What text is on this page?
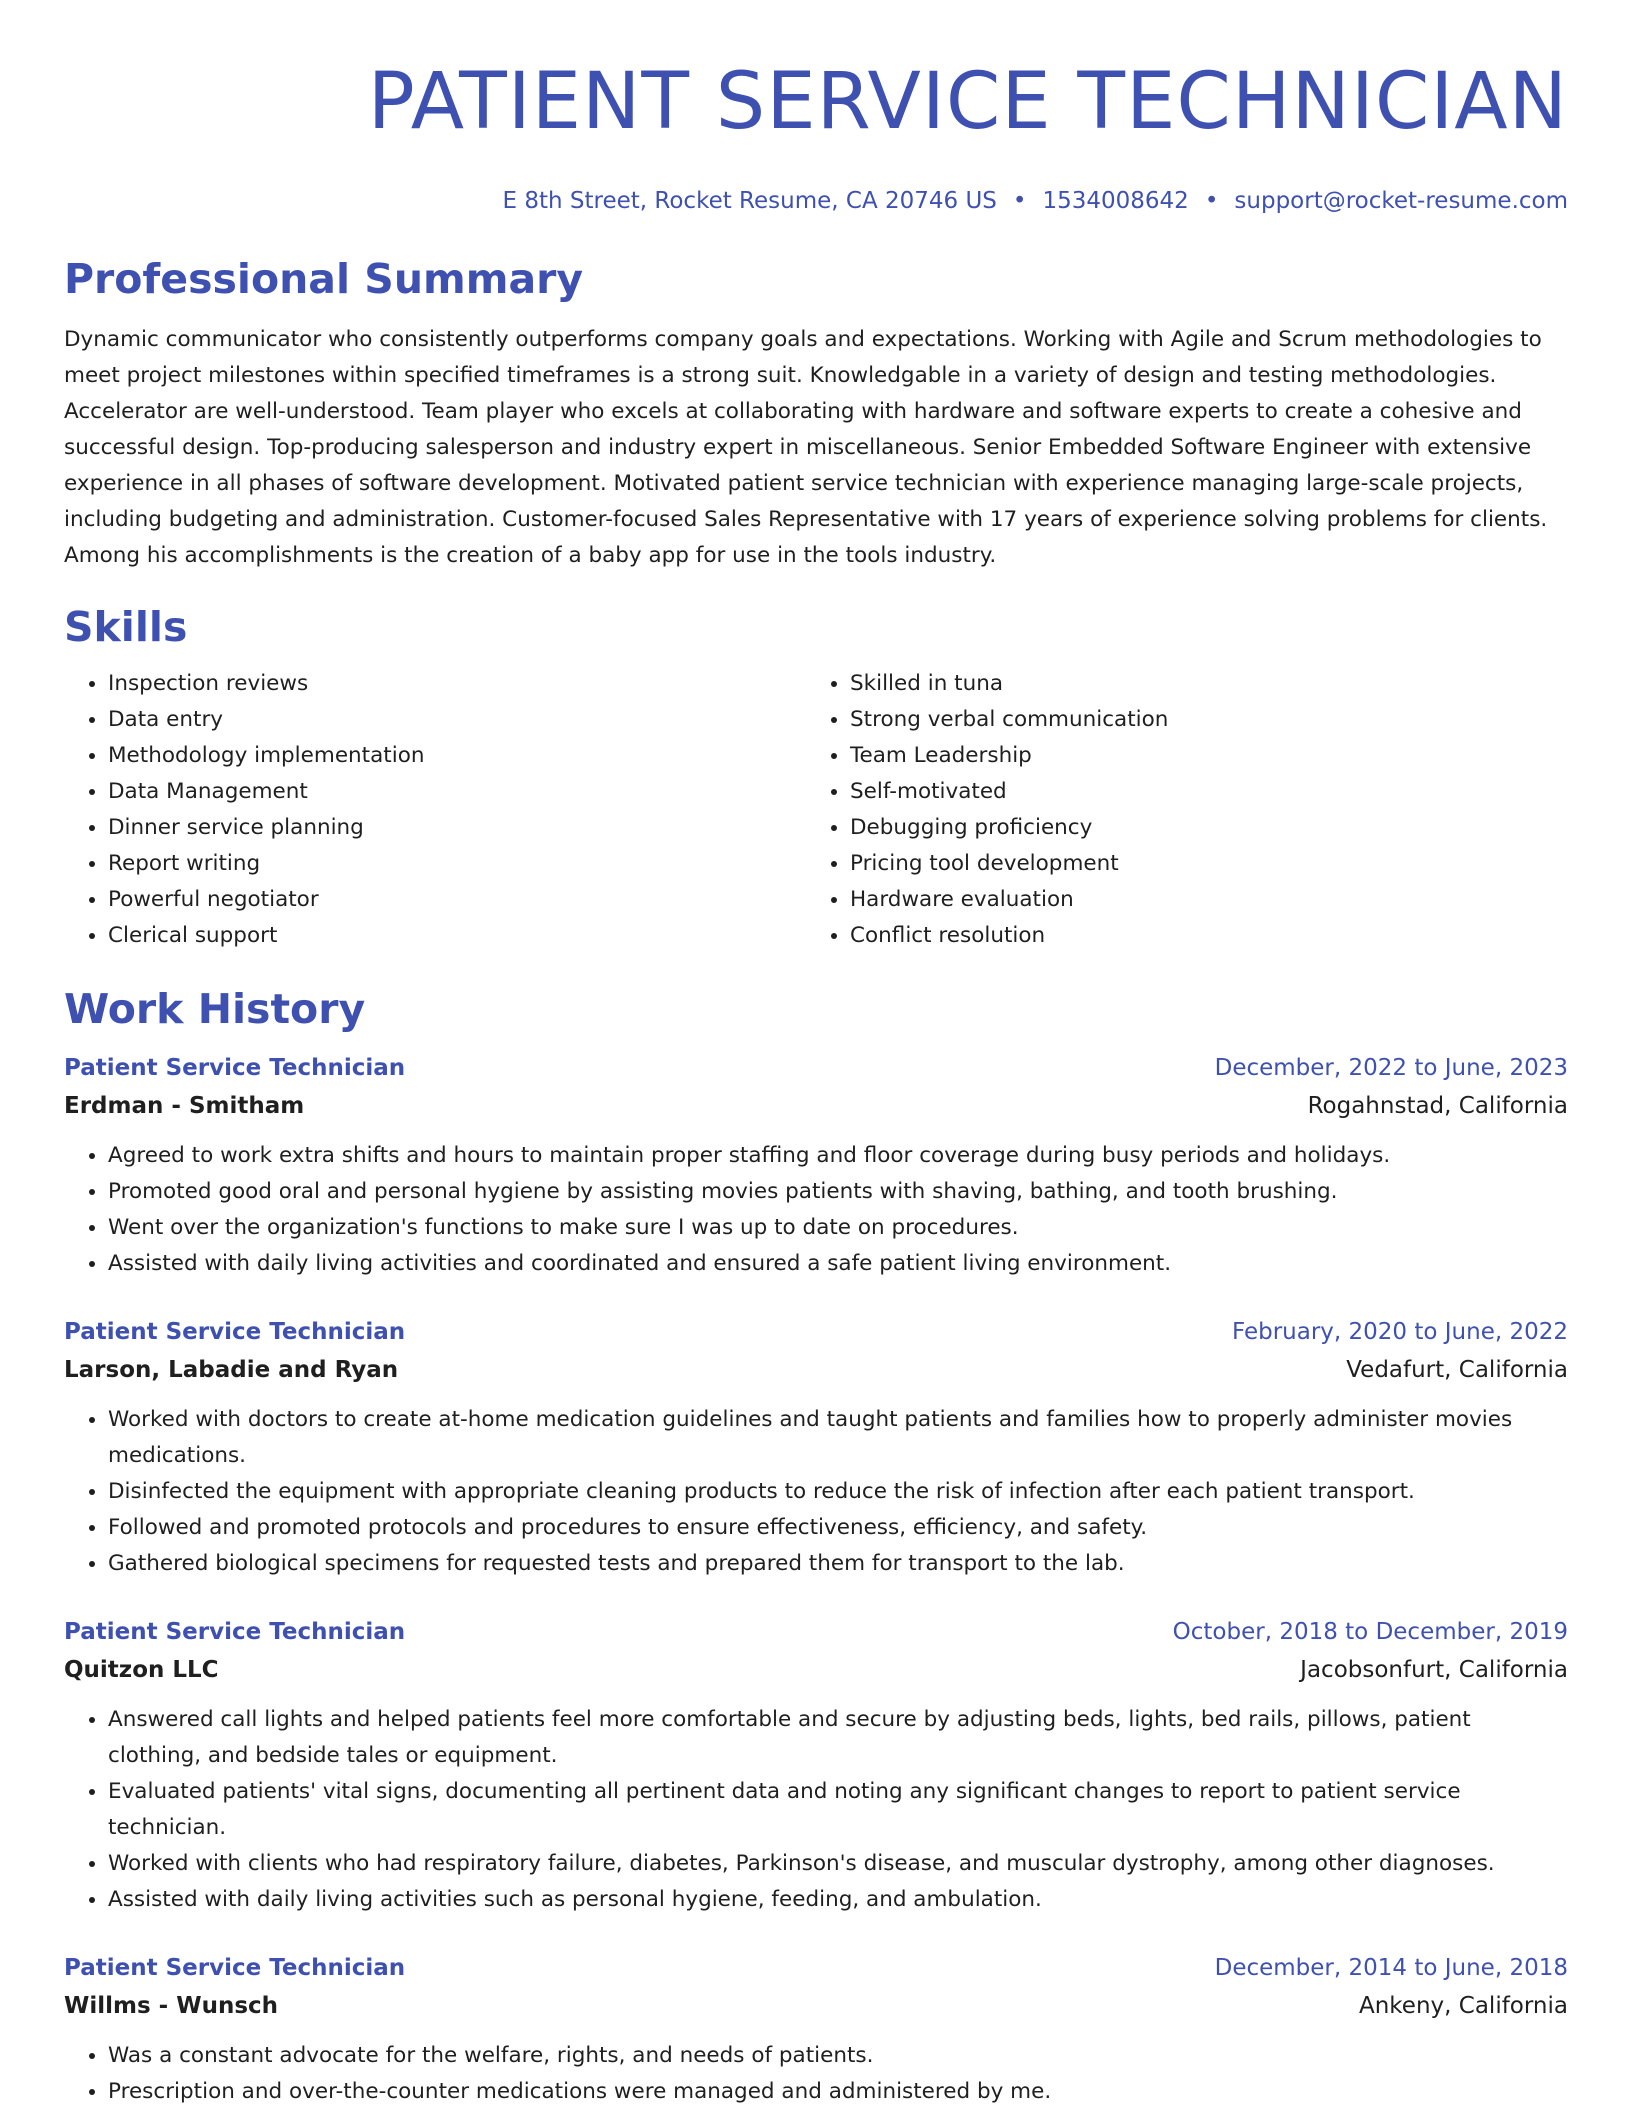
PATIENT SERVICE TECHNICIAN
E 8th Street, Rocket Resume, CA 20746 US • 1534008642 • support@rocket-resume.com
Professional Summary
Dynamic communicator who consistently outperforms company goals and expectations. Working with Agile and Scrum methodologies to meet project milestones within specified timeframes is a strong suit. Knowledgable in a variety of design and testing methodologies. Accelerator are well-understood. Team player who excels at collaborating with hardware and software experts to create a cohesive and successful design. Top-producing salesperson and industry expert in miscellaneous. Senior Embedded Software Engineer with extensive experience in all phases of software development. Motivated patient service technician with experience managing large-scale projects, including budgeting and administration. Customer-focused Sales Representative with 17 years of experience solving problems for clients. Among his accomplishments is the creation of a baby app for use in the tools industry.
Skills
• Inspection reviews
• Data entry
• Methodology implementation
• Data Management
• Dinner service planning
• Report writing
• Powerful negotiator
• Clerical support
• Skilled in tuna
• Strong verbal communication
• Team Leadership
• Self-motivated
• Debugging proficiency
• Pricing tool development
• Hardware evaluation
• Conflict resolution
Work History
Patient Service Technician	December, 2022 to June, 2023
Erdman - Smitham	Rogahnstad, California
• Agreed to work extra shifts and hours to maintain proper staffing and floor coverage during busy periods and holidays.
• Promoted good oral and personal hygiene by assisting movies patients with shaving, bathing, and tooth brushing.
• Went over the organization's functions to make sure I was up to date on procedures.
• Assisted with daily living activities and coordinated and ensured a safe patient living environment.
Patient Service Technician	February, 2020 to June, 2022
Larson, Labadie and Ryan	Vedafurt, California
• Worked with doctors to create at-home medication guidelines and taught patients and families how to properly administer movies medications.
• Disinfected the equipment with appropriate cleaning products to reduce the risk of infection after each patient transport.
• Followed and promoted protocols and procedures to ensure effectiveness, efficiency, and safety.
• Gathered biological specimens for requested tests and prepared them for transport to the lab.
Patient Service Technician	October, 2018 to December, 2019
Quitzon LLC	Jacobsonfurt, California
• Answered call lights and helped patients feel more comfortable and secure by adjusting beds, lights, bed rails, pillows, patient clothing, and bedside tales or equipment.
• Evaluated patients' vital signs, documenting all pertinent data and noting any significant changes to report to patient service technician.
• Worked with clients who had respiratory failure, diabetes, Parkinson's disease, and muscular dystrophy, among other diagnoses.
• Assisted with daily living activities such as personal hygiene, feeding, and ambulation.
Patient Service Technician	December, 2014 to June, 2018
Willms - Wunsch	Ankeny, California
• Was a constant advocate for the welfare, rights, and needs of patients.
• Prescription and over-the-counter medications were managed and administered by me.
